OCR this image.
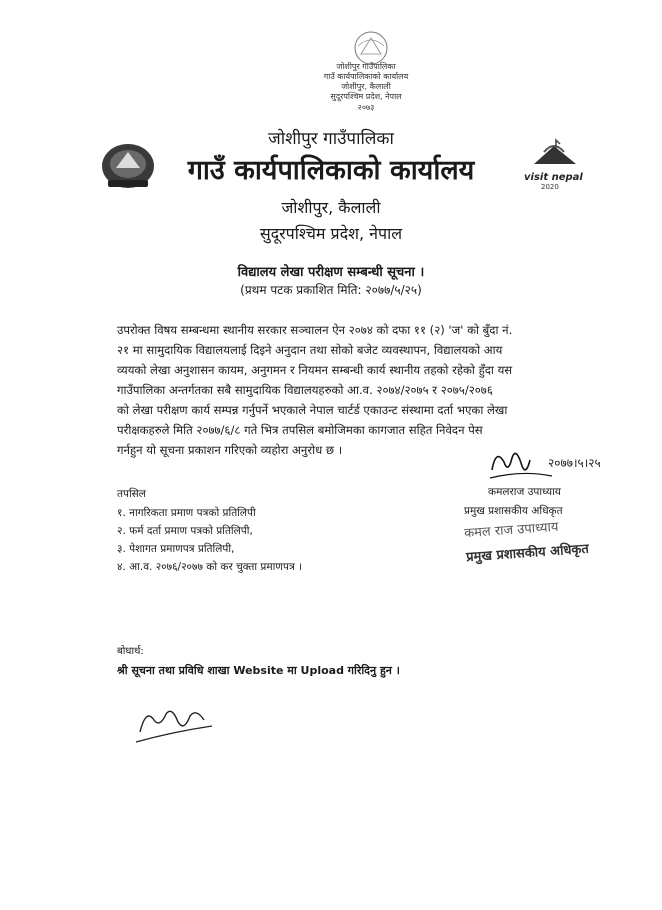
जोशीपुर गाउँपालिका
गाउँ कार्यपालिकाको कार्यालय
जोशीपुर, कैलाली
सुदूरपश्चिम प्रदेश, नेपाल
२०७३
visit nepal
2020
जोशीपुर गाउँपालिका
गाउँ कार्यपालिकाको कार्यालय
जोशीपुर, कैलाली
सुदूरपश्चिम प्रदेश, नेपाल
विद्यालय लेखा परीक्षण सम्बन्धी सूचना ।
(प्रथम पटक प्रकाशित मिति: २०७७/५/२५)
उपरोक्त विषय सम्बन्धमा स्थानीय सरकार सञ्चालन ऐन २०७४ को दफा ११ (२) 'ज' को बुँदा नं.
२१ मा सामुदायिक विद्यालयलाई दिइने अनुदान तथा सोको बजेट व्यवस्थापन, विद्यालयको आय
व्ययको लेखा अनुशासन कायम, अनुगमन र नियमन सम्बन्धी कार्य स्थानीय तहको रहेको हुँदा यस
गाउँपालिका अन्तर्गतका सबै सामुदायिक विद्यालयहरुको आ.व. २०७४/२०७५ र २०७५/२०७६
को लेखा परीक्षण कार्य सम्पन्न गर्नुपर्ने भएकाले नेपाल चार्टर्ड एकाउन्ट संस्थामा दर्ता भएका लेखा
परीक्षकहरुले मिति २०७७/६/८ गते भित्र तपसिल बमोजिमका कागजात सहित निवेदन पेस
गर्नहुन यो सूचना प्रकाशन गरिएको व्यहोरा अनुरोध छ ।
२०७७।५।२५
कमलराज उपाध्याय
प्रमुख प्रशासकीय अधिकृत
कमल राज उपाध्याय
प्रमुख प्रशासकीय अधिकृत
तपसिल
१. नागरिकता प्रमाण पत्रको प्रतिलिपी
२. फर्म दर्ता प्रमाण पत्रको प्रतिलिपी,
३. पेशागत प्रमाणपत्र प्रतिलिपी,
४. आ.व. २०७६/२०७७ को कर चुक्ता प्रमाणपत्र ।
बोधार्थ:
श्री सूचना तथा प्रविधि शाखा Website मा Upload गरिदिनु हुन ।
